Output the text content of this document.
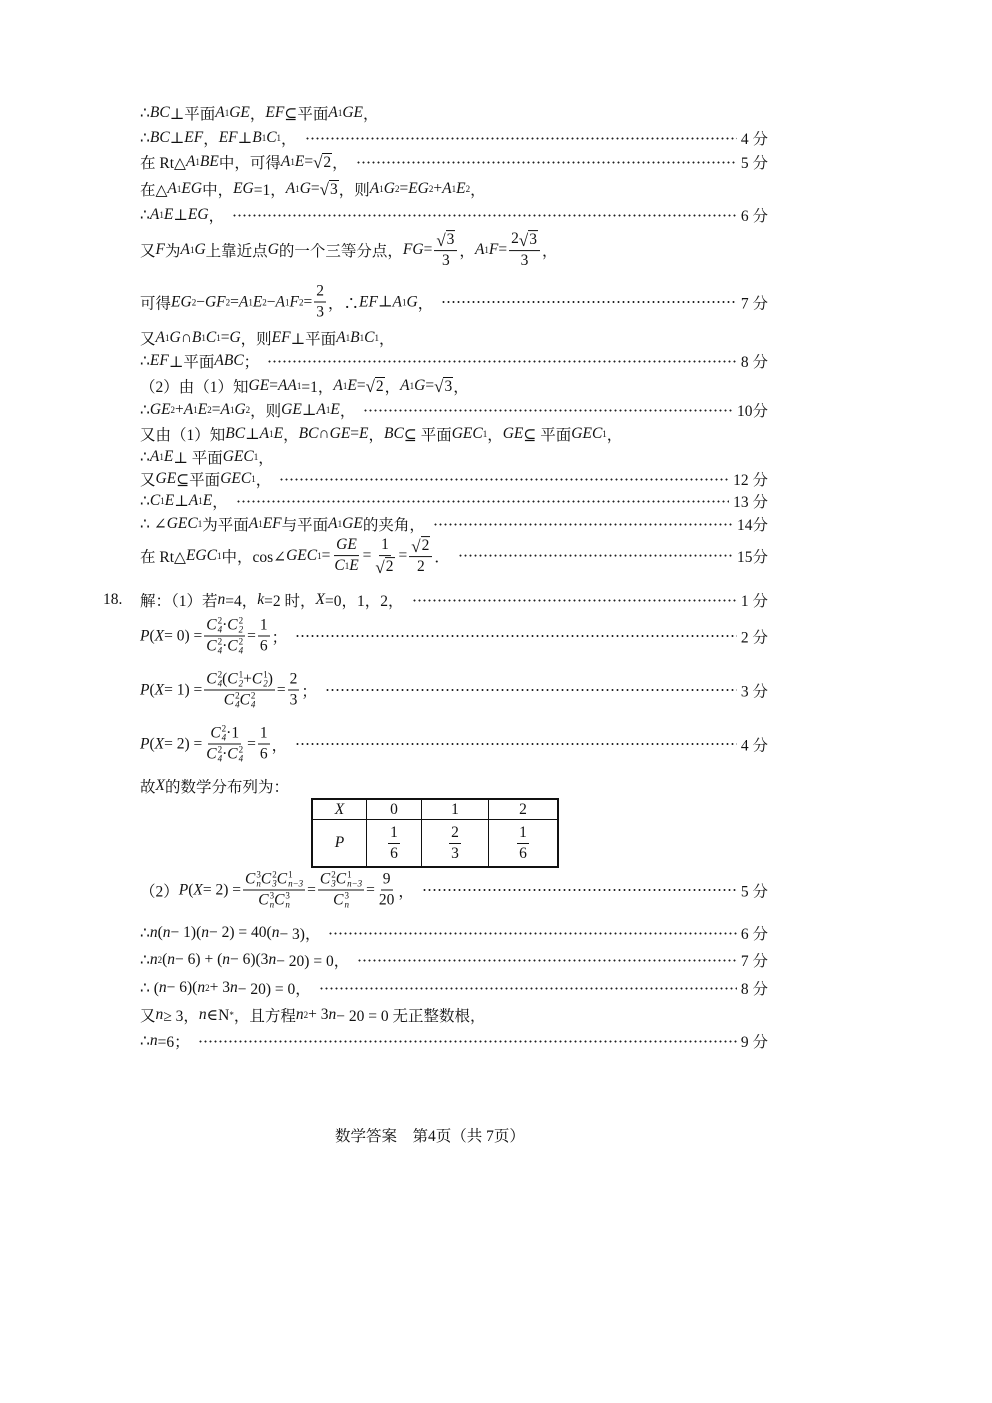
∴ BC ⊥平面 A 1 GE ， EF ⊆平面 A 1 GE ，
∴ BC ⊥ EF ， EF ⊥ B 1 C 1 ，	4 分
在 Rt△ A 1 BE 中，可得 A 1 E = √ 2 ，	5 分
在△ A 1 EG 中， EG =1， A 1 G = √ 3 ，则 A 1 G 2 = EG 2 + A 1 E 2 ，
∴ A 1 E ⊥ EG ，	6 分
又 F 为 A 1 G 上靠近点 G 的一个三等分点， FG = $\frac{√ 3}{3}$ ， A 1 $F = \frac{2 √ 3}{3}$ ，
可得 EG 2 − GF 2 = A 1 E 2 − A 1 F $2 = \frac{2}{3}$ ，∴ EF ⊥ A 1 G ，	7 分
又 A 1 G ∩ B 1 C 1 = G ，则 EF ⊥平面 A 1 B 1 C 1 ，
∴ EF ⊥平面 ABC ；	8 分
（2）由（1）知 GE = AA 1 =1， A 1 E = √ 2 ， A 1 G = √ 3 ，
∴ GE 2 + A 1 E 2 = A 1 G 2 ，则 GE ⊥ A 1 E ，	10分
又由（1）知 BC ⊥ A 1 E ， BC ∩ GE = E ， BC ⊆ 平面 GEC 1 ， GE ⊆ 平面 GEC 1 ，
∴ A 1 E ⊥ 平面 GEC 1 ，
又 GE ⊆平面 GEC 1 ，	12 分
∴ C 1 E ⊥ A 1 E ，	13 分
∴ ∠ GEC 1 为平面 A 1 EF 与平面 A 1 GE 的夹角，	14分
在 Rt△ EGC 1 中，cos∠ GEC $1 = \frac{GE}{C 1 E} = \frac{1}{√ 2} = \frac{√ 2}{2}$ ．	15分
18. 解：（1）若 n =4， k =2 时， X =0，1，2，	1 分
P ( X = 0) = C 2
4 · C 2
2
C 2
4 · C 2
$4 = \frac{1}{6}$ ；	2 分
P ( X = 1) = C 2
4 ( C 1
2 + C 1
2 )
C 2
4 C 2
$4 = \frac{2}{3}$ ；	3 分
P ( X = 2) = C 2
4 ·1
C 2
4 · C 2
$4 = \frac{1}{6}$ ，	4 分
故 X 的数学分布列为：
（2） P ( X = 2) = C 3
n C 2
3 C 1
n−3
C 3
n C 3
n = C 2
3 C 1
n−3
C 3
$n = \frac{9}{20}$ ，	5 分
∴ n ( n − 1)( n − 2) = 40( n − 3)，	6 分
∴ n 2 ( n − 6) + ( n − 6)(3 n − 20) = 0，	7 分
∴ ( n − 6)( n 2 + 3 n − 20) = 0，	8 分
又 n ≥ 3， n ∈N * ，且方程 n 2 + 3 n − 20 = 0 无正整数根，
∴ n =6；	9 分
X	0	1	2
P	$\frac{1}{6}$	$\frac{2}{3}$	$\frac{1}{6}$
数学答案　第4页（共 7页）
